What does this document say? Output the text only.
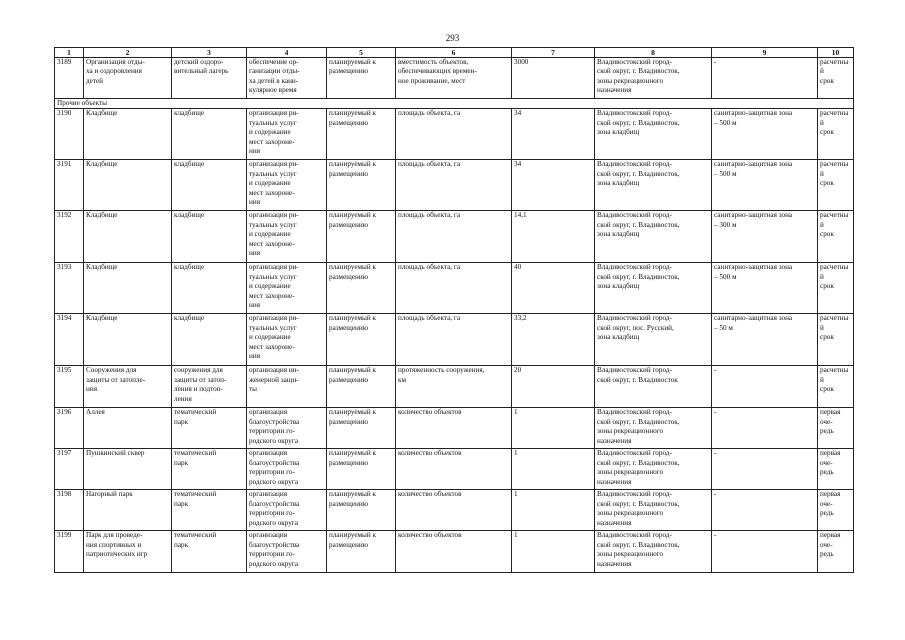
293
1	2	3	4	5	6	7	8	9	10
3189	Организация отды-
ха и оздоровления
детей	детский оздоро-
вительный лагерь	обеспечение ор-
ганизации отды-
ха детей в кани-
кулярное время	планируемый к
размещению	вместимость объектов,
обеспечивающих времен-
ное проживание, мест	3000	Владивостокский город-
ской округ, г. Владивосток,
зоны рекреационного
назначения	-	расчетный
срок
Прочие объекты									
3190	Кладбище	кладбище	организация ри-
туальных услуг
и содержание
мест захороне-
ния	планируемый к
размещению	площадь объекта, га	34	Владивостокский город-
ской округ, г. Владивосток,
зона кладбищ	санитарно-защитная зона
– 500 м	расчетный
срок
3191	Кладбище	кладбище	организация ри-
туальных услуг
и содержание
мест захороне-
ния	планируемый к
размещению	площадь объекта, га	34	Владивостокский город-
ской округ, г. Владивосток,
зона кладбищ	санитарно-защитная зона
– 500 м	расчетный
срок
3192	Кладбище	кладбище	организация ри-
туальных услуг
и содержание
мест захороне-
ния	планируемый к
размещению	площадь объекта, га	14,1	Владивостокский город-
ской округ, г. Владивосток,
зона кладбищ	санитарно-защитная зона
– 300 м	расчетный
срок
3193	Кладбище	кладбище	организация ри-
туальных услуг
и содержание
мест захороне-
ния	планируемый к
размещению	площадь объекта, га	40	Владивостокский город-
ской округ, г. Владивосток,
зона кладбищ	санитарно-защитная зона
– 500 м	расчетный
срок
3194	Кладбище	кладбище	организация ри-
туальных услуг
и содержание
мест захороне-
ния	планируемый к
размещению	площадь объекта, га	33,2	Владивостокский город-
ской округ, пос. Русский,
зона кладбищ	санитарно-защитная зона
– 50 м	расчетный
срок
3195	Сооружения для
защиты от затопле-
ния	сооружения для
защиты от затоп-
ления и подтоп-
ления	организация ин-
женерной защи-
ты	планируемый к
размещению	протяженность сооружения,
км	20	Владивостокский город-
ской округ, г. Владивосток	-	расчетный
срок
3196	Аллея	тематический
парк	организация
благоустройства
территории го-
родского округа	планируемый к
размещению	количество объектов	1	Владивостокский город-
ской округ, г. Владивосток,
зоны рекреационного
назначения	-	первая оче-
редь
3197	Пушкинский сквер	тематический
парк	организация
благоустройства
территории го-
родского округа	планируемый к
размещению	количество объектов	1	Владивостокский город-
ской округ, г. Владивосток,
зоны рекреационного
назначения	-	первая оче-
редь
3198	Нагорный парк	тематический
парк	организация
благоустройства
территории го-
родского округа	планируемый к
размещению	количество объектов	1	Владивостокский город-
ской округ, г. Владивосток,
зоны рекреационного
назначения	-	первая оче-
редь
3199	Парк для проведе-
ния спортивных и
патриотических игр	тематический
парк	организация
благоустройства
территории го-
родского округа	планируемый к
размещению	количество объектов	1	Владивостокский город-
ской округ, г. Владивосток,
зоны рекреационного
назначения	-	первая оче-
редь
